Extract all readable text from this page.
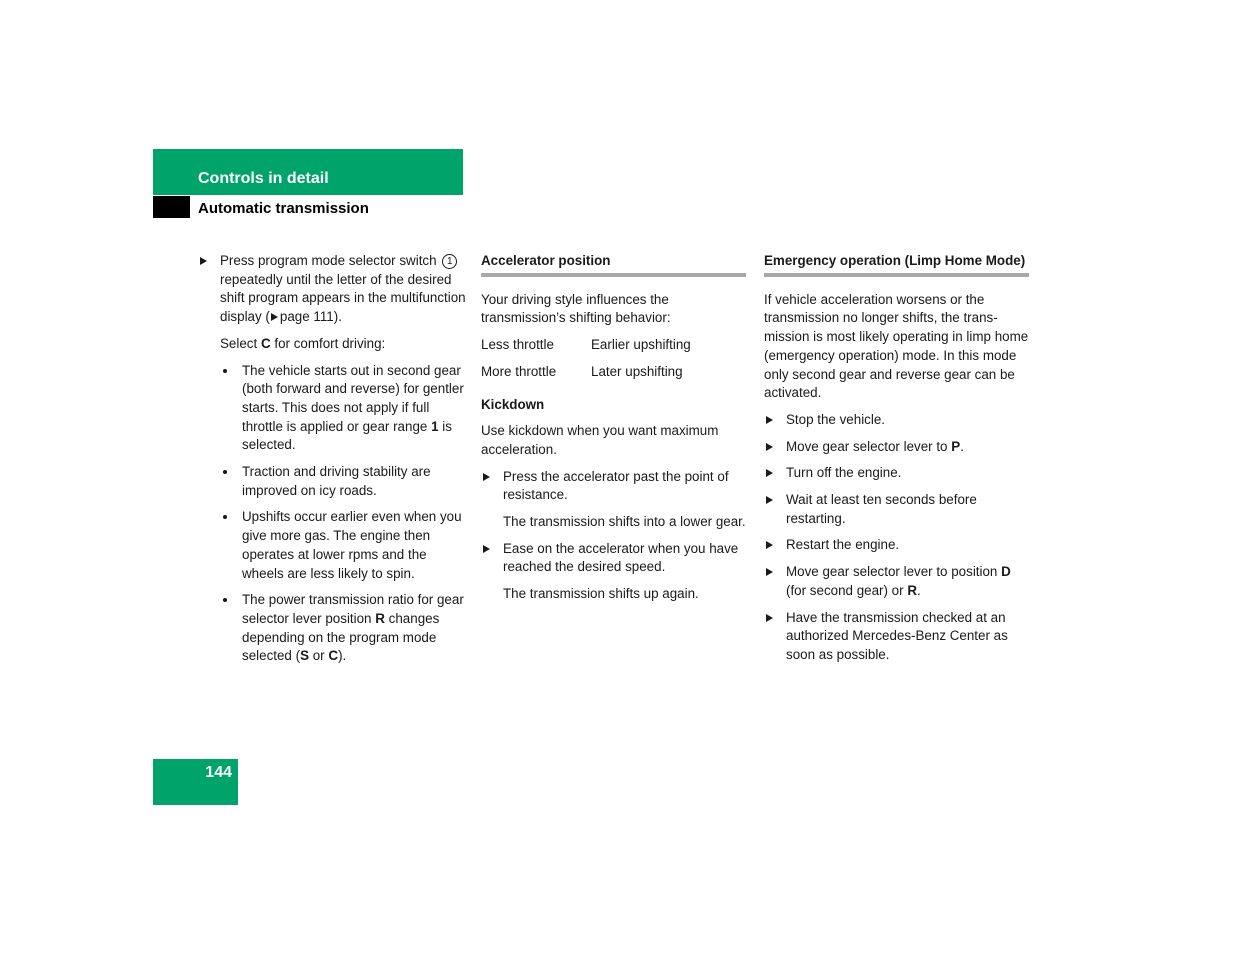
Controls in detail
Automatic transmission
Press program mode selector switch 1 repeatedly until the letter of the desired shift program appears in the multifunction display ( page 111).
Select C for comfort driving:
The vehicle starts out in second gear (both forward and reverse) for gentler starts. This does not apply if full throttle is applied or gear range 1 is selected.
Traction and driving stability are improved on icy roads.
Upshifts occur earlier even when you give more gas. The engine then operates at lower rpms and the wheels are less likely to spin.
The power transmission ratio for gear selector lever position R changes depending on the program mode selected (S or C).
Accelerator position
Your driving style influences the transmission’s shifting behavior:
Less throttle	Earlier upshifting
More throttle	Later upshifting
Kickdown
Use kickdown when you want maximum acceleration.
Press the accelerator past the point of resistance.
The transmission shifts into a lower gear.
Ease on the accelerator when you have reached the desired speed.
The transmission shifts up again.
Emergency operation (Limp Home Mode)
If vehicle acceleration worsens or the transmission no longer shifts, the trans-mission is most likely operating in limp home (emergency operation) mode. In this mode only second gear and reverse gear can be activated.
Stop the vehicle.
Move gear selector lever to P.
Turn off the engine.
Wait at least ten seconds before restarting.
Restart the engine.
Move gear selector lever to position D (for second gear) or R.
Have the transmission checked at an authorized Mercedes-Benz Center as soon as possible.
144
